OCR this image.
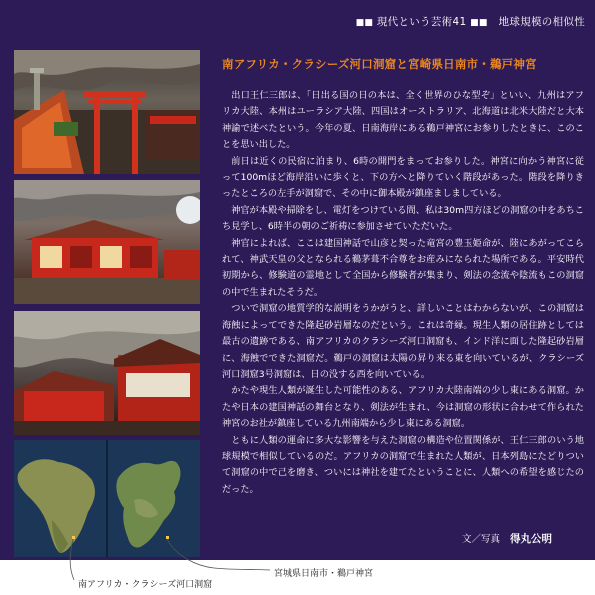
■■ 現代という芸術41 ■■ 地球規模の相似性
南アフリカ・クラシーズ河口洞窟と宮崎県日南市・鵜戸神宮

出口王仁三郎は、「日出る国の日の本は、全く世界のひな型ぞ」といい、九州はアフリカ大陸、本州はユーラシア大陸、四国はオーストラリア、北海道は北米大陸だと大本神諭で述べたという。今年の夏、日南海岸にある鵜戸神宮にお参りしたときに、このことを思い出した。

前日は近くの民宿に泊まり、6時の開門をまってお参りした。神宮に向かう神宮に従って100mほど海岸沿いに歩くと、下の方へと降りていく階段があった。階段を降りきったところの左手が洞窟で、その中に御本殿が鎮座ましましている。

神官が本殿や掃除をし、電灯をつけている間、私は30m四方ほどの洞窟の中をあちこち見学し、6時半の朝のご祈祷に参加させていただいた。

神官によれば、ここは建国神話で山彦と契った竜宮の豊玉姫命が、陸にあがってこられて、神武天皇の父となられる鵜茅葺不合尊をお産みになられた場所である。平安時代初期から、修験道の霊地として全国から修験者が集まり、剣法の念流や陰流もこの洞窟の中で生まれたそうだ。

ついで洞窟の地質学的な説明をうかがうと、詳しいことはわからないが、この洞窟は海蝕によってできた隆起砂岩層なのだという。これは奇縁。現生人類の居住跡としては最古の遺跡である、南アフリカのクラシーズ河口洞窟も、インド洋に面した隆起砂岩層に、海蝕でできた洞窟だ。鵜戸の洞窟は太陽の昇り来る東を向いているが、クラシーズ河口洞窟3号洞窟は、日の没する西を向いている。

かたや現生人類が誕生した可能性のある、アフリカ大陸南端の少し東にある洞窟。かたや日本の建国神話の舞台となり、剣法が生まれ、今は洞窟の形状に合わせて作られた神宮のお社が鎮座している九州南端から少し東にある洞窟。

ともに人類の運命に多大な影響を与えた洞窟の構造や位置関係が、王仁三郎のいう地球規模で相似しているのだ。アフリカの洞窟で生まれた人類が、日本列島にたどりついて洞窟の中で己を磨き、ついには神社を建てたということに、人類への希望を感じたのだった。

文／写真 得丸公明
南アフリカ・クラシーズ河口洞窟
宮城県日南市・鵜戸神宮
